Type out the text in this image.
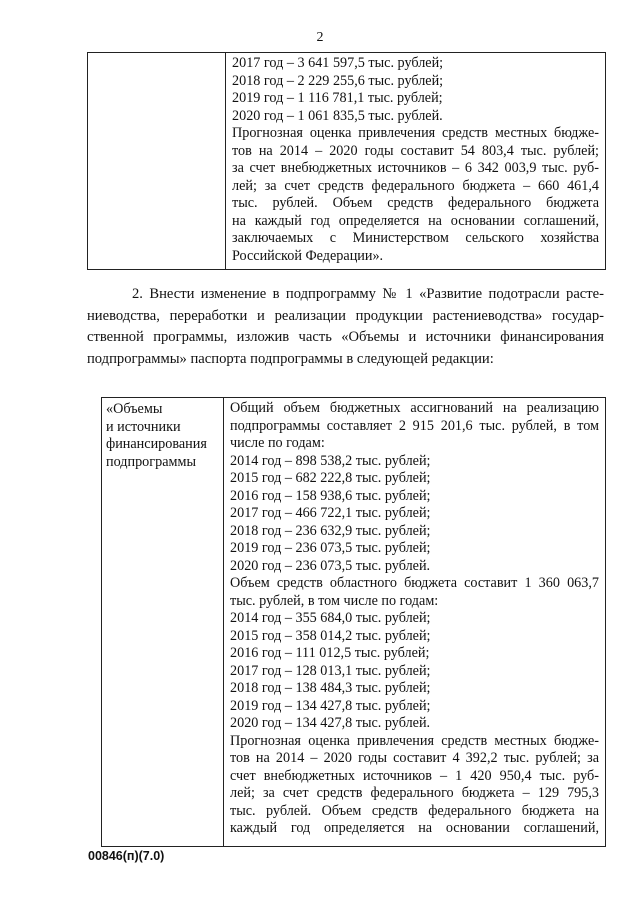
2
2017 год – 3 641 597,5 тыс. рублей;
2018 год – 2 229 255,6 тыс. рублей;
2019 год – 1 116 781,1 тыс. рублей;
2020 год – 1 061 835,5 тыс. рублей.
Прогнозная оценка привлечения средств местных бюдже-
тов на 2014 – 2020 годы составит 54 803,4 тыс. рублей;
за счет внебюджетных источников – 6 342 003,9 тыс. руб-
лей; за счет средств федерального бюджета – 660 461,4
тыс. рублей. Объем средств федерального бюджета
на каждый год определяется на основании соглашений,
заключаемых с Министерством сельского хозяйства
Российской Федерации».
2. Внести изменение в подпрограмму № 1 «Развитие подотрасли расте-
ниеводства, переработки и реализации продукции растениеводства» государ-
ственной программы, изложив часть «Объемы и источники финансирования
подпрограммы» паспорта подпрограммы в следующей редакции:
«Объемы
и источники
финансирования
подпрограммы
Общий объем бюджетных ассигнований на реализацию
подпрограммы составляет 2 915 201,6 тыс. рублей, в том
числе по годам:
2014 год – 898 538,2 тыс. рублей;
2015 год – 682 222,8 тыс. рублей;
2016 год – 158 938,6 тыс. рублей;
2017 год – 466 722,1 тыс. рублей;
2018 год – 236 632,9 тыс. рублей;
2019 год – 236 073,5 тыс. рублей;
2020 год – 236 073,5 тыс. рублей.
Объем средств областного бюджета составит 1 360 063,7
тыс. рублей, в том числе по годам:
2014 год – 355 684,0 тыс. рублей;
2015 год – 358 014,2 тыс. рублей;
2016 год – 111 012,5 тыс. рублей;
2017 год – 128 013,1 тыс. рублей;
2018 год – 138 484,3 тыс. рублей;
2019 год – 134 427,8 тыс. рублей;
2020 год – 134 427,8 тыс. рублей.
Прогнозная оценка привлечения средств местных бюдже-
тов на 2014 – 2020 годы составит 4 392,2 тыс. рублей; за
счет внебюджетных источников – 1 420 950,4 тыс. руб-
лей; за счет средств федерального бюджета – 129 795,3
тыс. рублей. Объем средств федерального бюджета на
каждый год определяется на основании соглашений,
00846(п)(7.0)
